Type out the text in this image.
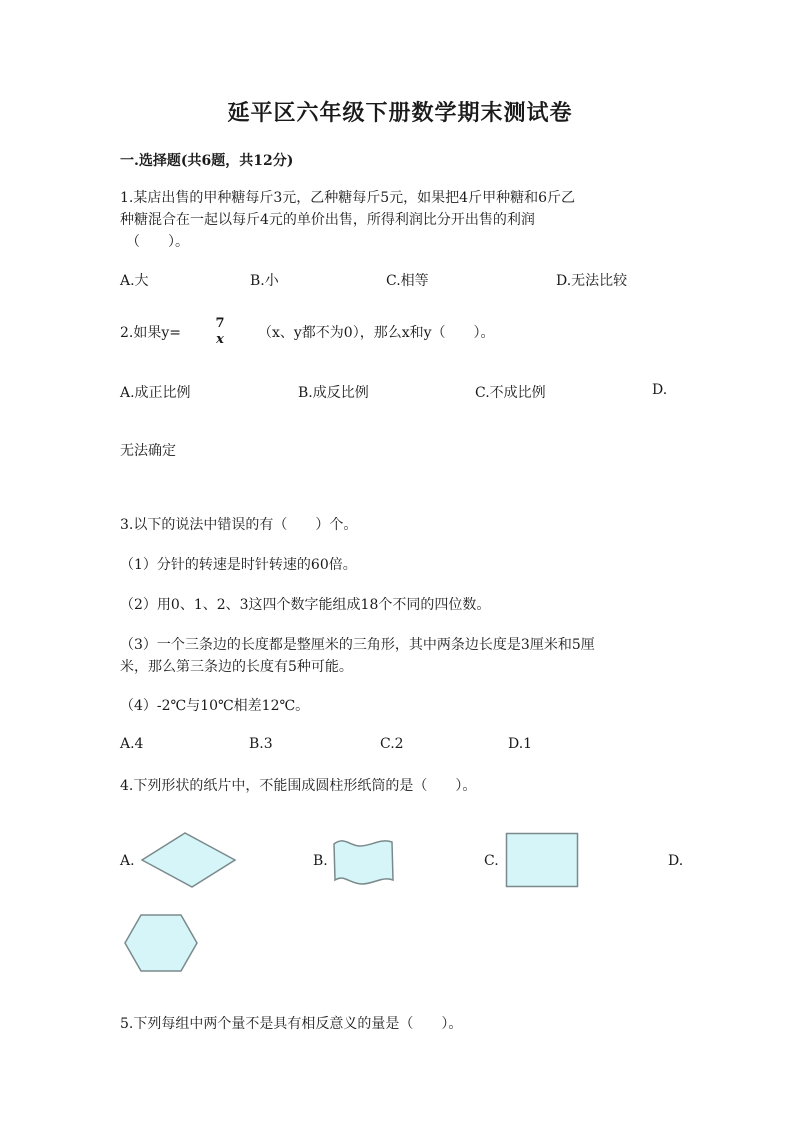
延平区六年级下册数学期末测试卷
一.选择题(共6题，共12分)
1.某店出售的甲种糖每斤3元，乙种糖每斤5元，如果把4斤甲种糖和6斤乙
种糖混合在一起以每斤4元的单价出售，所得利润比分开出售的利润
（　　）。
A.大	B.小	C.相等	D.无法比较
2.如果y=
7
x	（x、y都不为0），那么x和y（　　）。
A.成正比例	B.成反比例	C.不成比例	D.
无法确定
3.以下的说法中错误的有（　　）个。
（1）分针的转速是时针转速的60倍。
（2）用0、1、2、3这四个数字能组成18个不同的四位数。
（3）一个三条边的长度都是整厘米的三角形，其中两条边长度是3厘米和5厘
米，那么第三条边的长度有5种可能。
（4）-2℃与10℃相差12℃。
A.4	B.3	C.2	D.1
4.下列形状的纸片中，不能围成圆柱形纸筒的是（　　）。
A.	B.	C.	D.
5.下列每组中两个量不是具有相反意义的量是（　　）。
